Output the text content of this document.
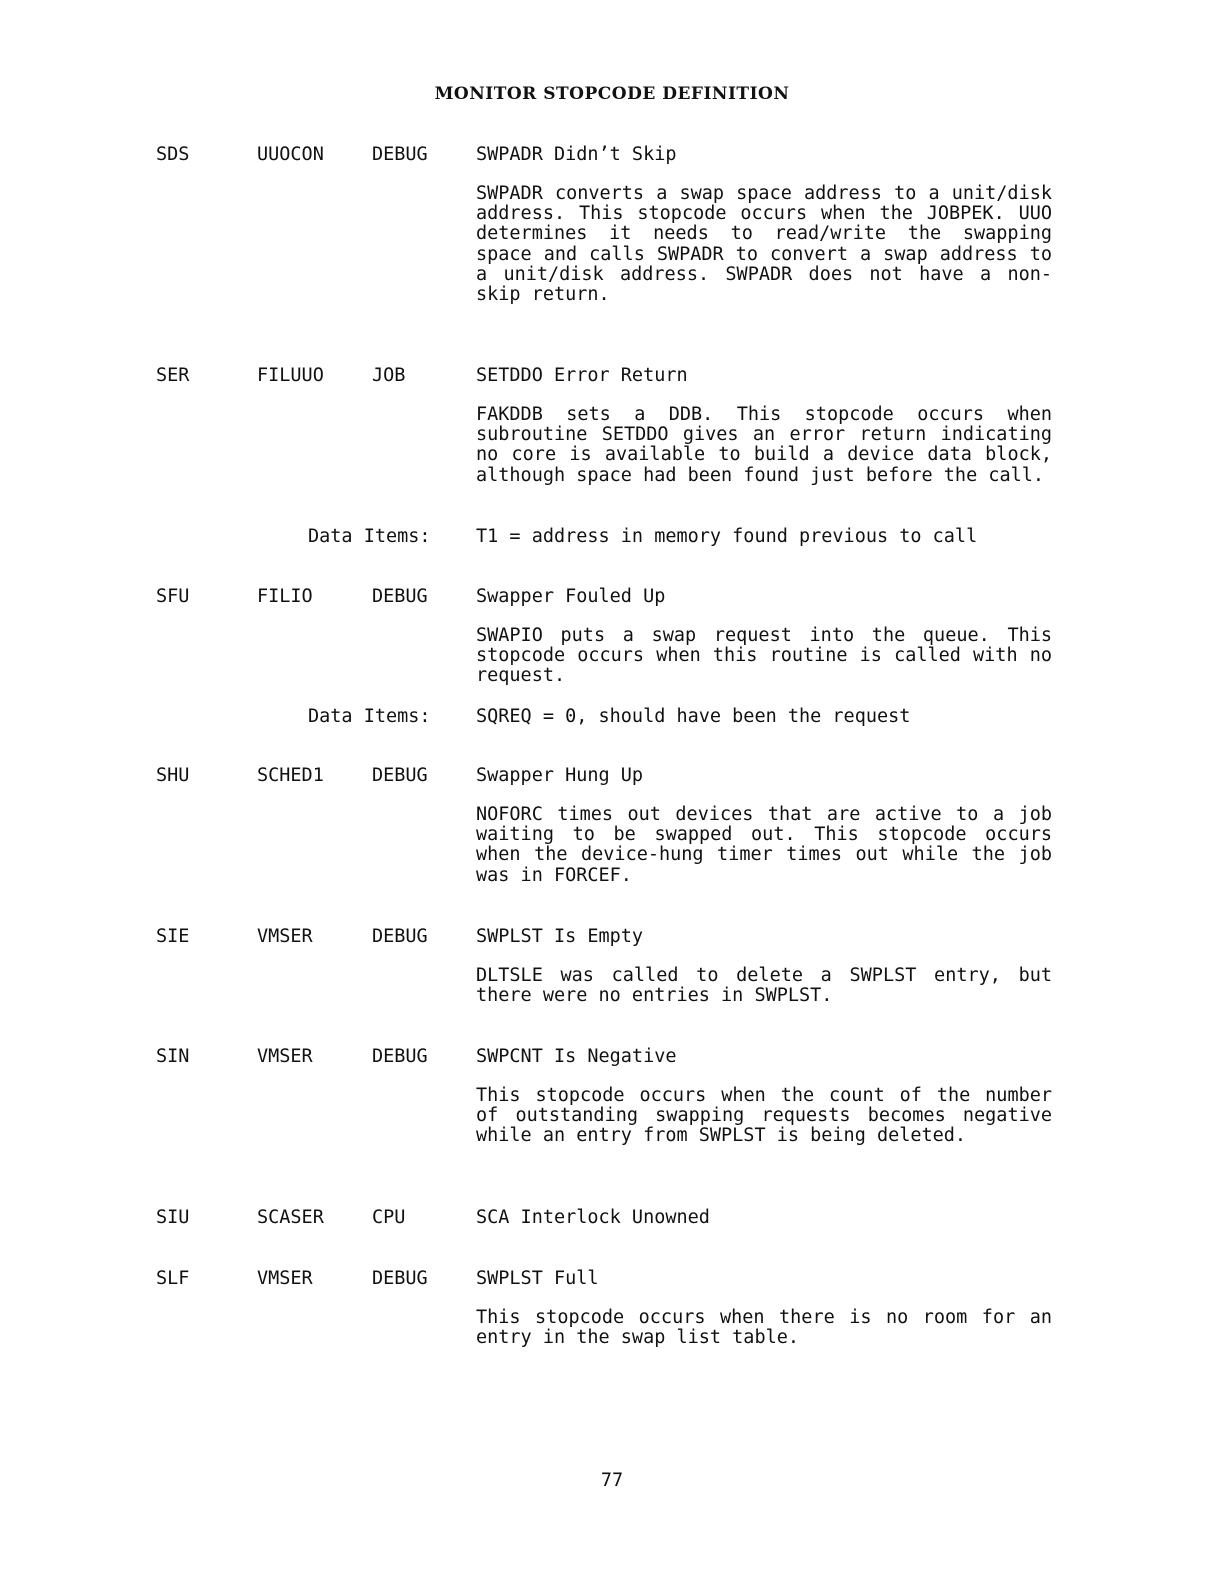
MONITOR STOPCODE DEFINITION
SDS	UUOCON	DEBUG	SWPADR Didn’t Skip
SWPADR converts a swap space address to a unit/disk address. This stopcode occurs when the JOBPEK. UUO determines it needs to read/write the swapping space and calls SWPADR to convert a swap address to a unit/disk address. SWPADR does not have a non-skip return.
SER	FILUUO	JOB	SETDDO Error Return
FAKDDB sets a DDB. This stopcode occurs when subroutine SETDDO gives an error return indicating no core is available to build a device data block, although space had been found just before the call.
Data Items: T1 = address in memory found previous to call
SFU	FILIO	DEBUG	Swapper Fouled Up
SWAPIO puts a swap request into the queue. This stopcode occurs when this routine is called with no request.
Data Items: SQREQ = 0, should have been the request
SHU	SCHED1	DEBUG	Swapper Hung Up
NOFORC times out devices that are active to a job waiting to be swapped out. This stopcode occurs when the device-hung timer times out while the job was in FORCEF.
SIE	VMSER	DEBUG	SWPLST Is Empty
DLTSLE was called to delete a SWPLST entry, but there were no entries in SWPLST.
SIN	VMSER	DEBUG	SWPCNT Is Negative
This stopcode occurs when the count of the number of outstanding swapping requests becomes negative while an entry from SWPLST is being deleted.
SIU	SCASER	CPU	SCA Interlock Unowned
SLF	VMSER	DEBUG	SWPLST Full
This stopcode occurs when there is no room for an entry in the swap list table.
77
